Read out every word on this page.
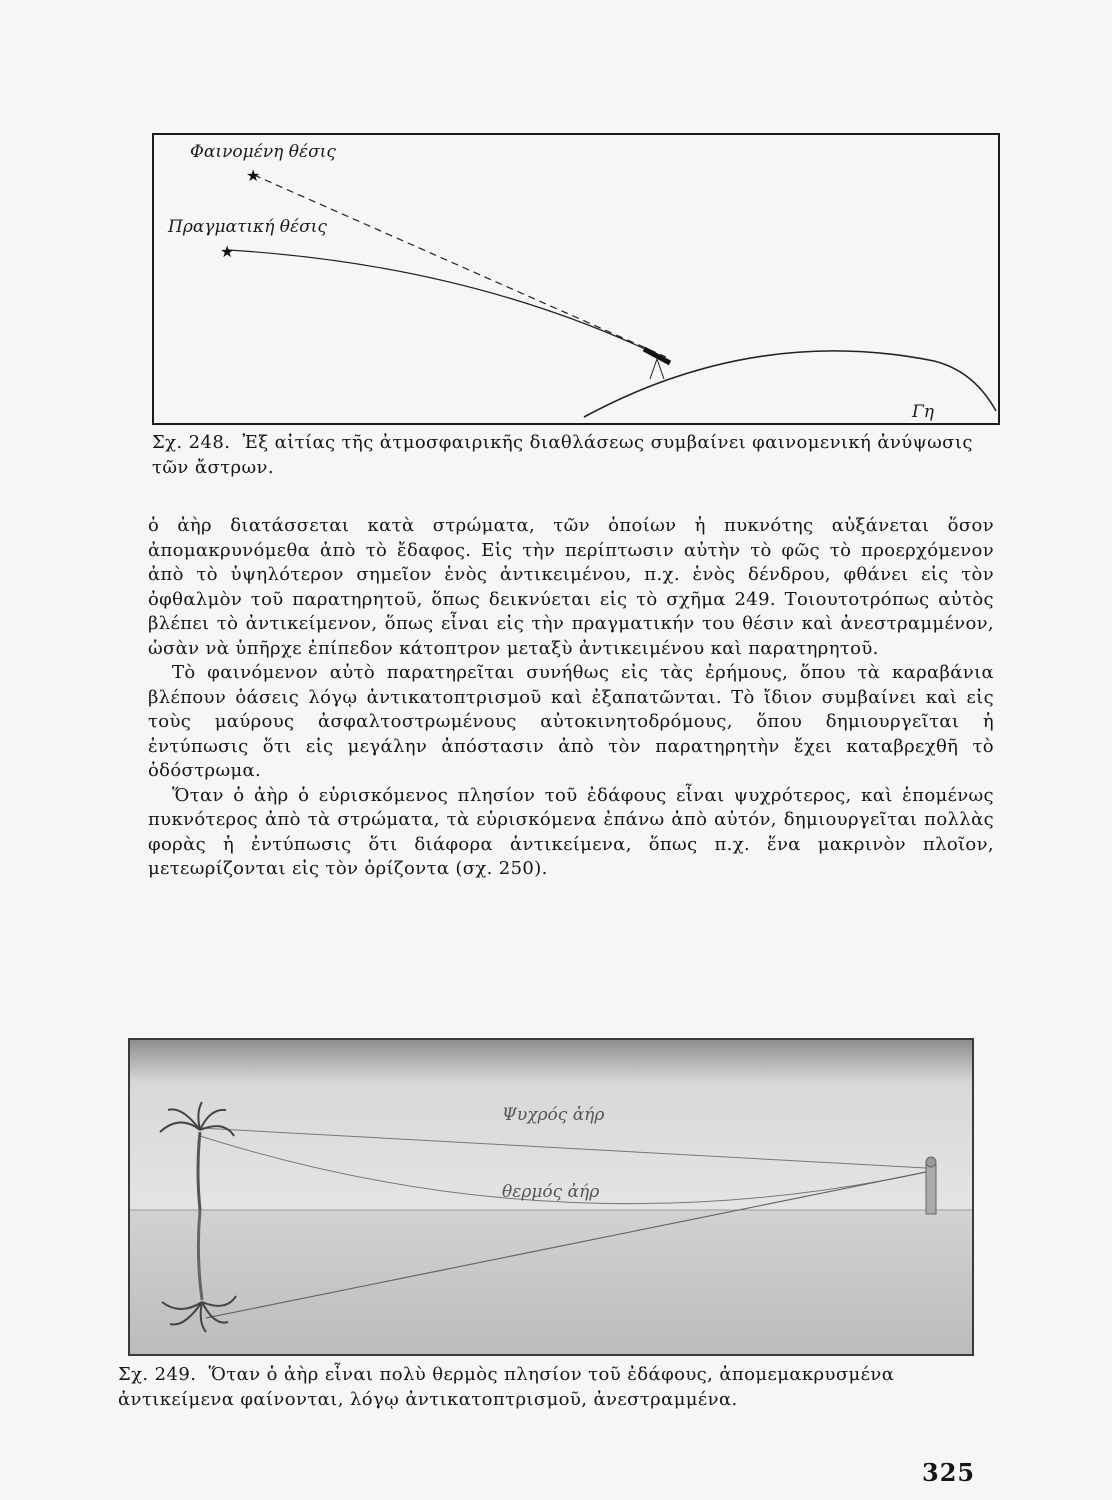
★
★
Φαινομένη θέσις
Πραγματική θέσις
Γη
Σχ. 248. Ἐξ αἰτίας τῆς ἀτμοσφαιρικῆς διαθλάσεως συμβαίνει φαινομενική ἀνύψωσις τῶν ἄστρων.

ὁ ἀὴρ διατάσσεται κατὰ στρώματα, τῶν ὁποίων ἡ πυκνότης αὐξάνεται ὅσον ἀπομακρυνόμεθα ἀπὸ τὸ ἔδαφος. Εἰς τὴν περίπτωσιν αὐτὴν τὸ φῶς τὸ προερχόμενον ἀπὸ τὸ ὑψηλότερον σημεῖον ἑνὸς ἀντικειμένου, π.χ. ἑνὸς δένδρου, φθάνει εἰς τὸν ὀφθαλμὸν τοῦ παρατηρητοῦ, ὅπως δεικνύεται εἰς τὸ σχῆμα 249. Τοιουτοτρόπως αὐτὸς βλέπει τὸ ἀντικείμενον, ὅπως εἶναι εἰς τὴν πραγματικήν του θέσιν καὶ ἀνεστραμμένον, ὡσὰν νὰ ὑπῆρχε ἐπίπεδον κάτοπτρον μεταξὺ ἀντικειμένου καὶ παρατηρητοῦ.

Τὸ φαινόμενον αὐτὸ παρατηρεῖται συνήθως εἰς τὰς ἐρήμους, ὅπου τὰ καραβάνια βλέπουν ὀάσεις λόγῳ ἀντικατοπτρισμοῦ καὶ ἐξαπατῶνται. Τὸ ἴδιον συμβαίνει καὶ εἰς τοὺς μαύρους ἀσφαλτοστρωμένους αὐτοκινητοδρόμους, ὅπου δημιουργεῖται ἡ ἐντύπωσις ὅτι εἰς μεγάλην ἀπόστασιν ἀπὸ τὸν παρατηρητὴν ἔχει καταβρεχθῆ τὸ ὁδόστρωμα.

Ὅταν ὁ ἀὴρ ὁ εὑρισκόμενος πλησίον τοῦ ἐδάφους εἶναι ψυχρότερος, καὶ ἑπομένως πυκνότερος ἀπὸ τὰ στρώματα, τὰ εὑρισκόμενα ἐπάνω ἀπὸ αὐτόν, δημιουργεῖται πολλὰς φορὰς ἡ ἐντύπωσις ὅτι διάφορα ἀντικείμενα, ὅπως π.χ. ἕνα μακρινὸν πλοῖον, μετεωρίζονται εἰς τὸν ὁρίζοντα (σχ. 250).

Ψυχρός ἀήρ
θερμός ἀήρ
Σχ. 249. Ὅταν ὁ ἀὴρ εἶναι πολὺ θερμὸς πλησίον τοῦ ἐδάφους, ἀπομεμακρυσμένα ἀντικείμενα φαίνονται, λόγῳ ἀντικατοπτρισμοῦ, ἀνεστραμμένα.
325
